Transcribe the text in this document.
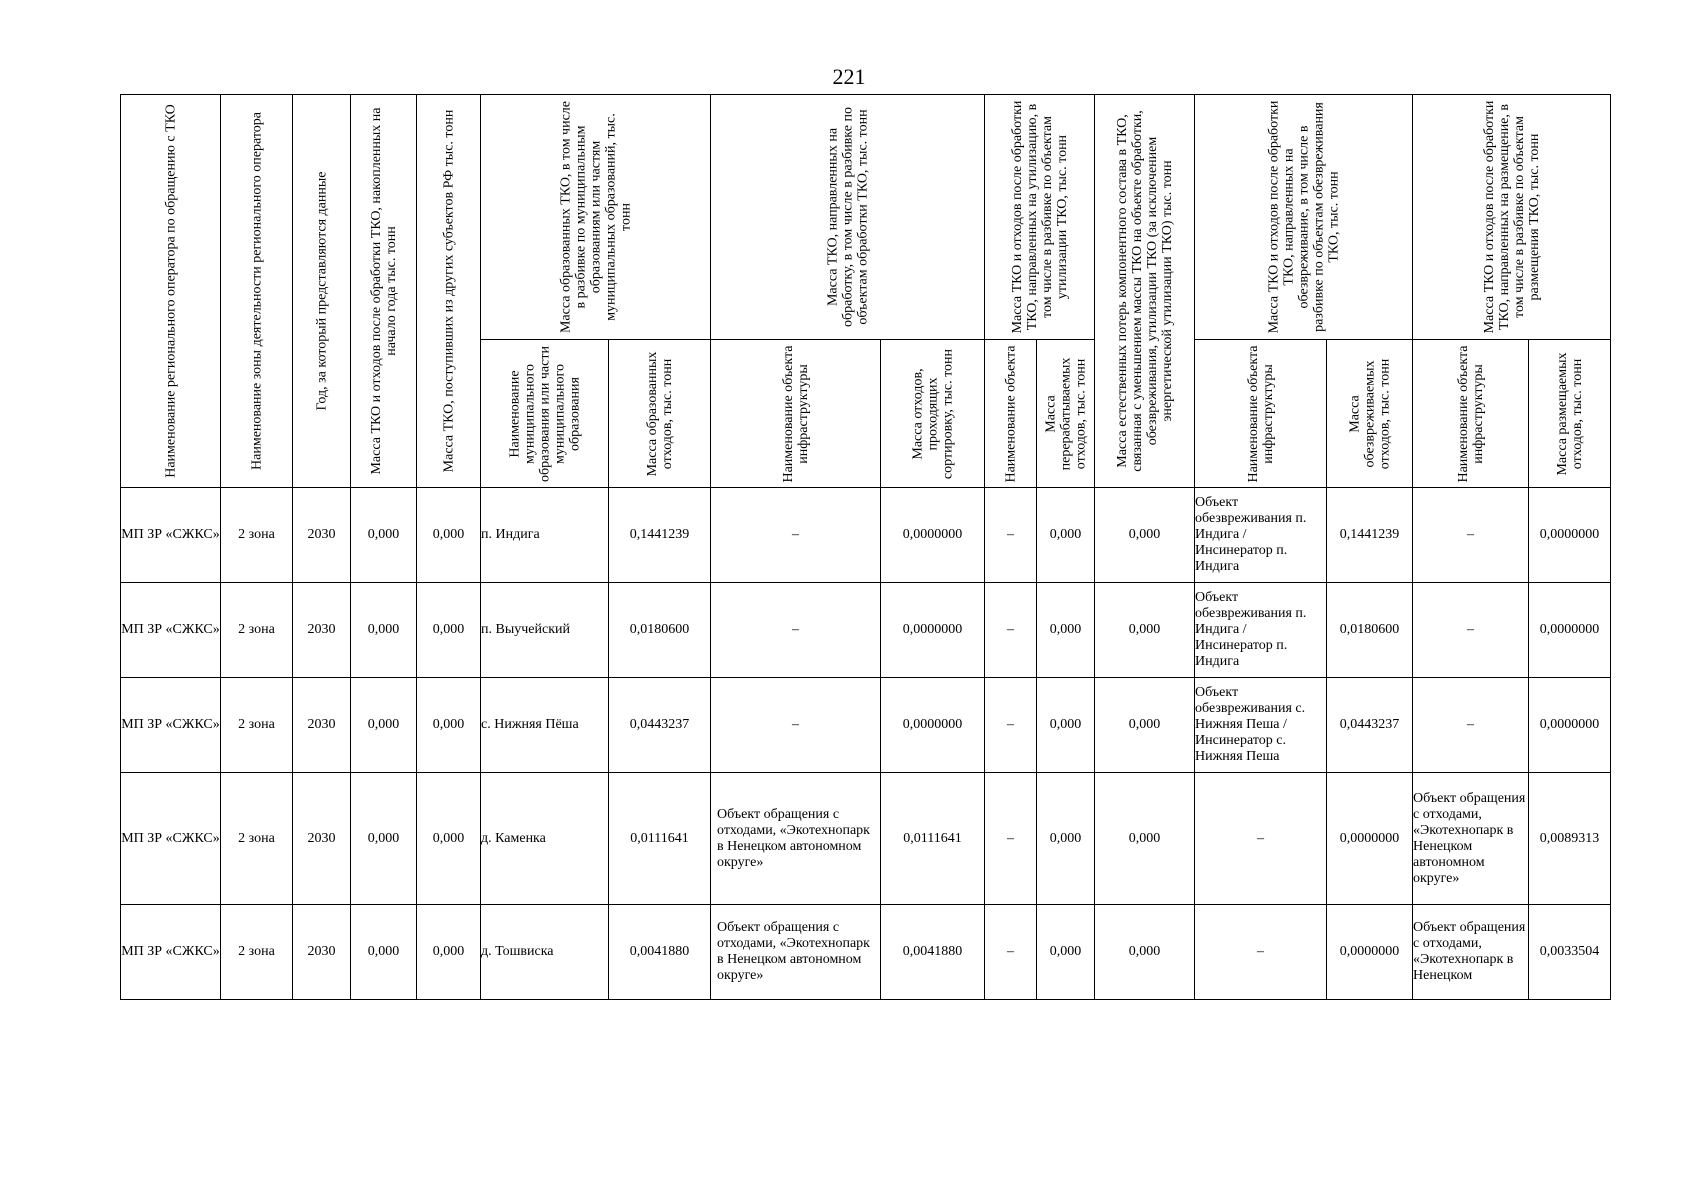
221
Наименование регионального оператора по обращению с ТКО	Наименование зоны деятельности регионального оператора	Год, за который представляются данные	Масса ТКО и отходов после обработки ТКО, накопленных на начало года тыс. тонн	Масса ТКО, поступивших из других субъектов РФ тыс. тонн	Масса образованных ТКО, в том числе в разбивке по муниципальным образованиям или частям муниципальных образований, тыс. тонн		Масса ТКО, направленных на обработку, в том числе в разбивке по объектам обработки ТКО, тыс. тонн		Масса ТКО и отходов после обработки ТКО, направленных на утилизацию, в том числе в разбивке по объектам утилизации ТКО, тыс. тонн		Масса естественных потерь компонентного состава в ТКО, связанная с уменьшением массы ТКО на объекте обработки, обезвреживания, утилизации ТКО (за исключением энергетической утилизации ТКО) тыс. тонн	Масса ТКО и отходов после обработки ТКО, направленных на обезвреживание, в том числе в разбивке по объектам обезвреживания ТКО, тыс. тонн		Масса ТКО и отходов после обработки ТКО, направленных на размещение, в том числе в разбивке по объектам размещения ТКО, тыс. тонн	

					Наименование муниципального образования или части муниципального образования	Масса образованных отходов, тыс. тонн	Наименование объекта инфраструктуры	Масса отходов, проходящих сортировку, тыс. тонн	Наименование объекта	Масса перерабатываемых отходов, тыс. тонн		Наименование объекта инфраструктуры	Масса обезвреживаемых отходов, тыс. тонн	Наименование объекта инфраструктуры	Масса размещаемых отходов, тыс. тонн

МП ЗР «СЖКС»	2 зона	2030	0,000	0,000	п. Индига	0,1441239	–	0,0000000	–	0,000	0,000	Объект обезвреживания п. Индига / Инсинератор п. Индига	0,1441239	–	0,0000000
МП ЗР «СЖКС»	2 зона	2030	0,000	0,000	п. Выучейский	0,0180600	–	0,0000000	–	0,000	0,000	Объект обезвреживания п. Индига / Инсинератор п. Индига	0,0180600	–	0,0000000
МП ЗР «СЖКС»	2 зона	2030	0,000	0,000	с. Нижняя Пёша	0,0443237	–	0,0000000	–	0,000	0,000	Объект обезвреживания с. Нижняя Пеша / Инсинератор с. Нижняя Пеша	0,0443237	–	0,0000000
МП ЗР «СЖКС»	2 зона	2030	0,000	0,000	д. Каменка	0,0111641	Объект обращения с отходами, «Экотехнопарк в Ненецком автономном округе»	0,0111641	–	0,000	0,000	–	0,0000000	Объект обращения с отходами, «Экотехнопарк в Ненецком автономном округе»	0,0089313
МП ЗР «СЖКС»	2 зона	2030	0,000	0,000	д. Тошвиска	0,0041880	Объект обращения с отходами, «Экотехнопарк в Ненецком автономном округе»	0,0041880	–	0,000	0,000	–	0,0000000	Объект обращения с отходами, «Экотехнопарк в Ненецком	0,0033504
